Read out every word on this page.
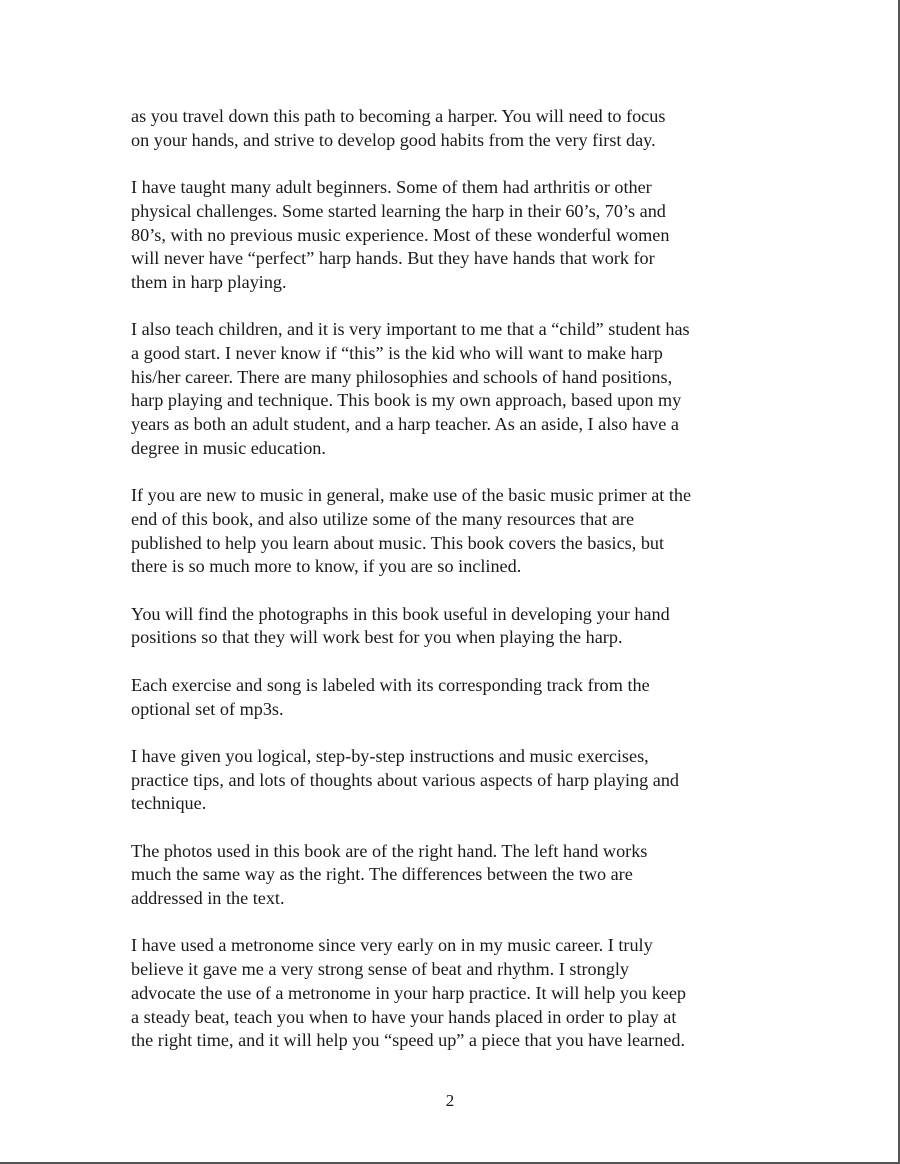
as you travel down this path to becoming a harper. You will need to focus
on your hands, and strive to develop good habits from the very first day.

I have taught many adult beginners. Some of them had arthritis or other
physical challenges. Some started learning the harp in their 60’s, 70’s and
80’s, with no previous music experience. Most of these wonderful women
will never have “perfect” harp hands. But they have hands that work for
them in harp playing.

I also teach children, and it is very important to me that a “child” student has
a good start. I never know if “this” is the kid who will want to make harp
his/her career. There are many philosophies and schools of hand positions,
harp playing and technique. This book is my own approach, based upon my
years as both an adult student, and a harp teacher. As an aside, I also have a
degree in music education.

If you are new to music in general, make use of the basic music primer at the
end of this book, and also utilize some of the many resources that are
published to help you learn about music. This book covers the basics, but
there is so much more to know, if you are so inclined.

You will find the photographs in this book useful in developing your hand
positions so that they will work best for you when playing the harp.

Each exercise and song is labeled with its corresponding track from the
optional set of mp3s.

I have given you logical, step-by-step instructions and music exercises,
practice tips, and lots of thoughts about various aspects of harp playing and
technique.

The photos used in this book are of the right hand. The left hand works
much the same way as the right. The differences between the two are
addressed in the text.

I have used a metronome since very early on in my music career. I truly
believe it gave me a very strong sense of beat and rhythm. I strongly
advocate the use of a metronome in your harp practice. It will help you keep
a steady beat, teach you when to have your hands placed in order to play at
the right time, and it will help you “speed up” a piece that you have learned.

2
